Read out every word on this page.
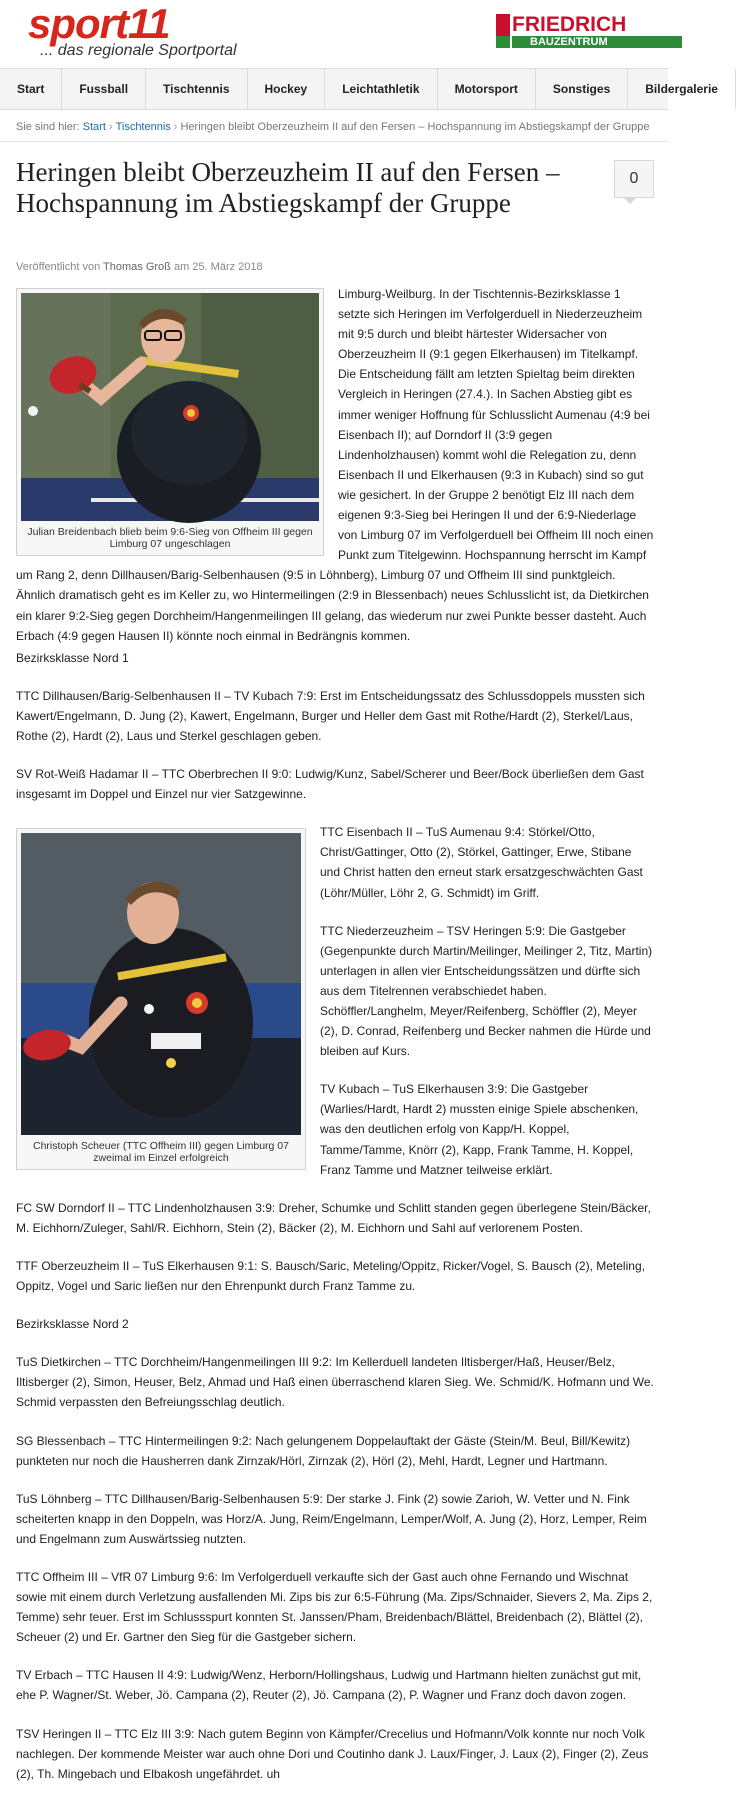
sport11
... das regionale Sportportal
FRIEDRICH
BAUZENTRUM
Start	Fussball	Tischtennis	Hockey	Leichtathletik	Motorsport	Sonstiges	Bildergalerie
Sie sind hier: Start › Tischtennis › Heringen bleibt Oberzeuzheim II auf den Fersen – Hochspannung im Abstiegskampf der Gruppe
Heringen bleibt Oberzeuzheim II auf den Fersen – Hochspannung im Abstiegskampf der Gruppe
0
Veröffentlicht von Thomas Groß am 25. März 2018
Julian Breidenbach blieb beim 9:6-Sieg von Offheim III gegen Limburg 07 ungeschlagen

Limburg-Weilburg. In der Tischtennis-Bezirksklasse 1 setzte sich Heringen im Verfolgerduell in Niederzeuzheim mit 9:5 durch und bleibt härtester Widersacher von Oberzeuzheim II (9:1 gegen Elkerhausen) im Titelkampf. Die Entscheidung fällt am letzten Spieltag beim direkten Vergleich in Heringen (27.4.). In Sachen Abstieg gibt es immer weniger Hoffnung für Schlusslicht Aumenau (4:9 bei Eisenbach II); auf Dorndorf II (3:9 gegen Lindenholzhausen) kommt wohl die Relegation zu, denn Eisenbach II und Elkerhausen (9:3 in Kubach) sind so gut wie gesichert. In der Gruppe 2 benötigt Elz III nach dem eigenen 9:3-Sieg bei Heringen II und der 6:9-Niederlage von Limburg 07 im Verfolgerduell bei Offheim III noch einen Punkt zum Titelgewinn. Hochspannung herrscht im Kampf um Rang 2, denn Dillhausen/Barig-Selbenhausen (9:5 in Löhnberg), Limburg 07 und Offheim III sind punktgleich. Ähnlich dramatisch geht es im Keller zu, wo Hintermeilingen (2:9 in Blessenbach) neues Schlusslicht ist, da Dietkirchen ein klarer 9:2-Sieg gegen Dorchheim/Hangenmeilingen III gelang, das wiederum nur zwei Punkte besser dasteht. Auch Erbach (4:9 gegen Hausen II) könnte noch einmal in Bedrängnis kommen.

Bezirksklasse Nord 1

TTC Dillhausen/Barig-Selbenhausen II – TV Kubach 7:9: Erst im Entscheidungssatz des Schlussdoppels mussten sich Kawert/Engelmann, D. Jung (2), Kawert, Engelmann, Burger und Heller dem Gast mit Rothe/Hardt (2), Sterkel/Laus, Rothe (2), Hardt (2), Laus und Sterkel geschlagen geben.

SV Rot-Weiß Hadamar II – TTC Oberbrechen II 9:0: Ludwig/Kunz, Sabel/Scherer und Beer/Bock überließen dem Gast insgesamt im Doppel und Einzel nur vier Satzgewinne.

Christoph Scheuer (TTC Offheim III) gegen Limburg 07 zweimal im Einzel erfolgreich

TTC Eisenbach II – TuS Aumenau 9:4: Störkel/Otto, Christ/Gattinger, Otto (2), Störkel, Gattinger, Erwe, Stibane und Christ hatten den erneut stark ersatzgeschwächten Gast (Löhr/Müller, Löhr 2, G. Schmidt) im Griff.

TTC Niederzeuzheim – TSV Heringen 5:9: Die Gastgeber (Gegenpunkte durch Martin/Meilinger, Meilinger 2, Titz, Martin) unterlagen in allen vier Entscheidungssätzen und dürfte sich aus dem Titelrennen verabschiedet haben. Schöffler/Langhelm, Meyer/Reifenberg, Schöffler (2), Meyer (2), D. Conrad, Reifenberg und Becker nahmen die Hürde und bleiben auf Kurs.

TV Kubach – TuS Elkerhausen 3:9: Die Gastgeber (Warlies/Hardt, Hardt 2) mussten einige Spiele abschenken, was den deutlichen erfolg von Kapp/H. Koppel, Tamme/Tamme, Knörr (2), Kapp, Frank Tamme, H. Koppel, Franz Tamme und Matzner teilweise erklärt.

FC SW Dorndorf II – TTC Lindenholzhausen 3:9: Dreher, Schumke und Schlitt standen gegen überlegene Stein/Bäcker, M. Eichhorn/Zuleger, Sahl/R. Eichhorn, Stein (2), Bäcker (2), M. Eichhorn und Sahl auf verlorenem Posten.

TTF Oberzeuzheim II – TuS Elkerhausen 9:1: S. Bausch/Saric, Meteling/Oppitz, Ricker/Vogel, S. Bausch (2), Meteling, Oppitz, Vogel und Saric ließen nur den Ehrenpunkt durch Franz Tamme zu.

Bezirksklasse Nord 2

TuS Dietkirchen – TTC Dorchheim/Hangenmeilingen III 9:2: Im Kellerduell landeten Iltisberger/Haß, Heuser/Belz, Iltisberger (2), Simon, Heuser, Belz, Ahmad und Haß einen überraschend klaren Sieg. We. Schmid/K. Hofmann und We. Schmid verpassten den Befreiungsschlag deutlich.

SG Blessenbach – TTC Hintermeilingen 9:2: Nach gelungenem Doppelauftakt der Gäste (Stein/M. Beul, Bill/Kewitz) punkteten nur noch die Hausherren dank Zirnzak/Hörl, Zirnzak (2), Hörl (2), Mehl, Hardt, Legner und Hartmann.

TuS Löhnberg – TTC Dillhausen/Barig-Selbenhausen 5:9: Der starke J. Fink (2) sowie Zarioh, W. Vetter und N. Fink scheiterten knapp in den Doppeln, was Horz/A. Jung, Reim/Engelmann, Lemper/Wolf, A. Jung (2), Horz, Lemper, Reim und Engelmann zum Auswärtssieg nutzten.

TTC Offheim III – VfR 07 Limburg 9:6: Im Verfolgerduell verkaufte sich der Gast auch ohne Fernando und Wischnat sowie mit einem durch Verletzung ausfallenden Mi. Zips bis zur 6:5-Führung (Ma. Zips/Schnaider, Sievers 2, Ma. Zips 2, Temme) sehr teuer. Erst im Schlussspurt konnten St. Janssen/Pham, Breidenbach/Blättel, Breidenbach (2), Blättel (2), Scheuer (2) und Er. Gartner den Sieg für die Gastgeber sichern.

TV Erbach – TTC Hausen II 4:9: Ludwig/Wenz, Herborn/Hollingshaus, Ludwig und Hartmann hielten zunächst gut mit, ehe P. Wagner/St. Weber, Jö. Campana (2), Reuter (2), Jö. Campana (2), P. Wagner und Franz doch davon zogen.

TSV Heringen II – TTC Elz III 3:9: Nach gutem Beginn von Kämpfer/Crecelius und Hofmann/Volk konnte nur noch Volk nachlegen. Der kommende Meister war auch ohne Dori und Coutinho dank J. Laux/Finger, J. Laux (2), Finger (2), Zeus (2), Th. Mingebach und Elbakosh ungefährdet. uh
